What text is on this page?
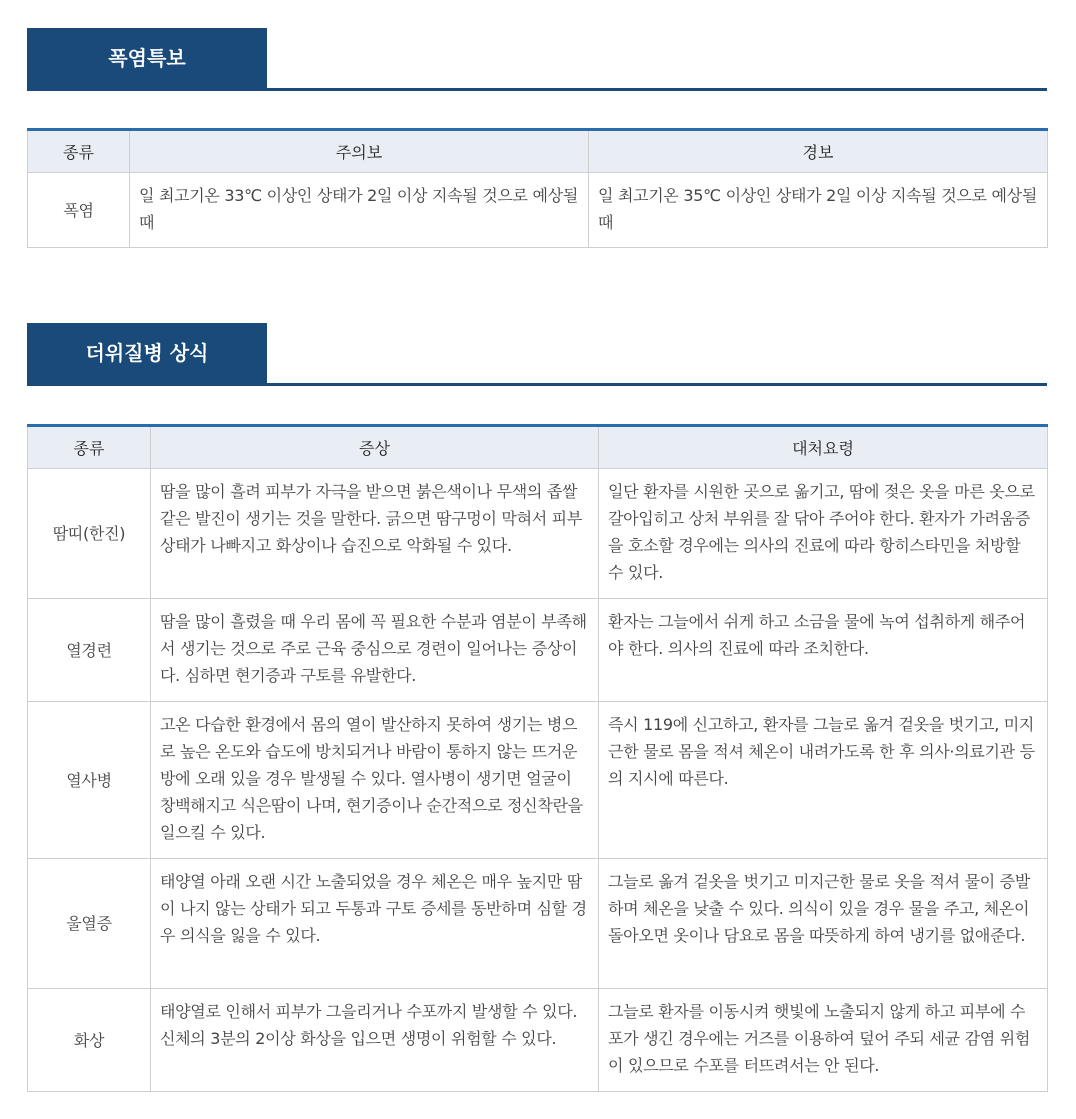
폭염특보
종류	주의보	경보
폭염	일 최고기온 33℃ 이상인 상태가 2일 이상 지속될 것으로 예상될 때	일 최고기온 35℃ 이상인 상태가 2일 이상 지속될 것으로 예상될 때
더위질병 상식
종류	증상	대처요령
땀띠(한진)	땀을 많이 흘려 피부가 자극을 받으면 붉은색이나 무색의 좁쌀 같은 발진이 생기는 것을 말한다. 긁으면 땀구멍이 막혀서 피부 상태가 나빠지고 화상이나 습진으로 악화될 수 있다.	일단 환자를 시원한 곳으로 옮기고, 땀에 젖은 옷을 마른 옷으로 갈아입히고 상처 부위를 잘 닦아 주어야 한다. 환자가 가려움증을 호소할 경우에는 의사의 진료에 따라 항히스타민을 처방할 수 있다.
열경련	땀을 많이 흘렸을 때 우리 몸에 꼭 필요한 수분과 염분이 부족해서 생기는 것으로 주로 근육 중심으로 경련이 일어나는 증상이다. 심하면 현기증과 구토를 유발한다.	환자는 그늘에서 쉬게 하고 소금을 물에 녹여 섭취하게 해주어야 한다. 의사의 진료에 따라 조치한다.
열사병	고온 다습한 환경에서 몸의 열이 발산하지 못하여 생기는 병으로 높은 온도와 습도에 방치되거나 바람이 통하지 않는 뜨거운 방에 오래 있을 경우 발생될 수 있다. 열사병이 생기면 얼굴이 창백해지고 식은땀이 나며, 현기증이나 순간적으로 정신착란을 일으킬 수 있다.	즉시 119에 신고하고, 환자를 그늘로 옮겨 겉옷을 벗기고, 미지근한 물로 몸을 적셔 체온이 내려가도록 한 후 의사·의료기관 등의 지시에 따른다.
울열증	태양열 아래 오랜 시간 노출되었을 경우 체온은 매우 높지만 땀이 나지 않는 상태가 되고 두통과 구토 증세를 동반하며 심할 경우 의식을 잃을 수 있다.	그늘로 옮겨 겉옷을 벗기고 미지근한 물로 옷을 적셔 물이 증발하며 체온을 낮출 수 있다. 의식이 있을 경우 물을 주고, 체온이 돌아오면 옷이나 담요로 몸을 따뜻하게 하여 냉기를 없애준다.
화상	태양열로 인해서 피부가 그을리거나 수포까지 발생할 수 있다. 신체의 3분의 2이상 화상을 입으면 생명이 위험할 수 있다.	그늘로 환자를 이동시켜 햇빛에 노출되지 않게 하고 피부에 수포가 생긴 경우에는 거즈를 이용하여 덮어 주되 세균 감염 위험이 있으므로 수포를 터뜨려서는 안 된다.
